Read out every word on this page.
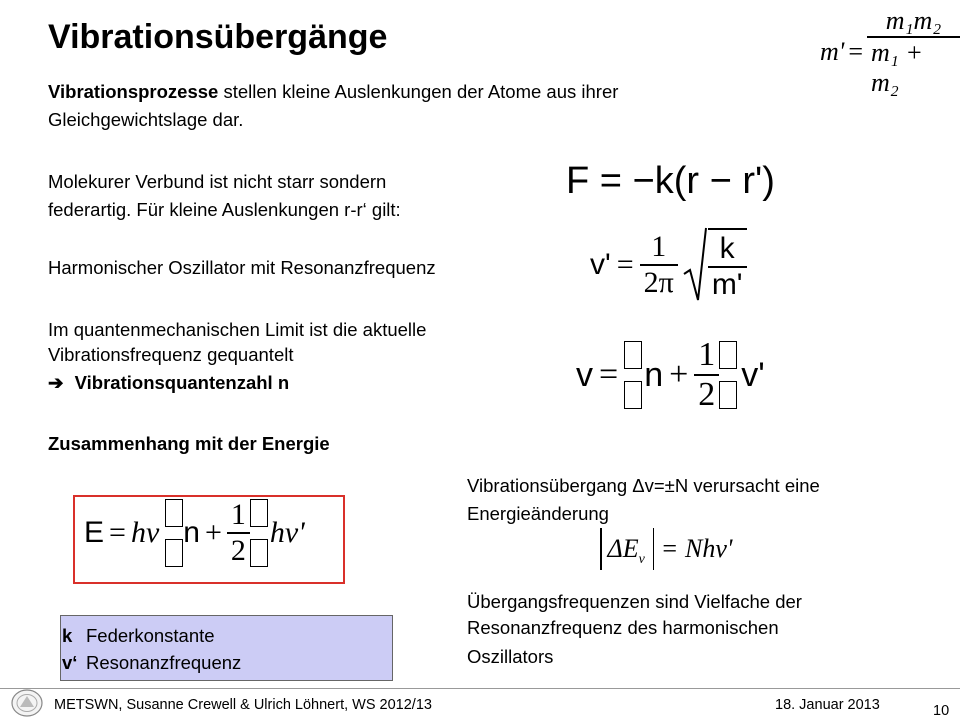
Vibrationsübergänge	$m' = \frac{\text{m₁m₂}}{\text{m₁ + m₂}}$
Vibrationsprozesse stellen kleine Auslenkungen der Atome aus ihrer
Gleichgewichtslage dar.
Molekurer Verbund ist nicht starr sondern
federartig. Für kleine Auslenkungen r-r‘ gilt:
F = −k(r − r')
Harmonischer Oszillator mit Resonanzfrequenz	$v' = \frac{1}{2\pi} \frac{k}{m'}$
Im quantenmechanischen Limit ist die aktuelle
Vibrationsfrequenz gequantelt
➔ Vibrationsquantenzahl n	$v = n + \frac{1}{2} v'$
Zusammenhang mit der Energie
E = hν $n + \frac{1}{2} h\nu'$
Vibrationsübergang Δv=±N verursacht eine
Energieänderung
ΔE v = Nhv'
Übergangsfrequenzen sind Vielfache der
Resonanzfrequenz des harmonischen
Oszillators
k Federkonstante
v‘ Resonanzfrequenz
METSWN, Susanne Crewell & Ulrich Löhnert, WS 2012/13	18. Januar 2013	10
